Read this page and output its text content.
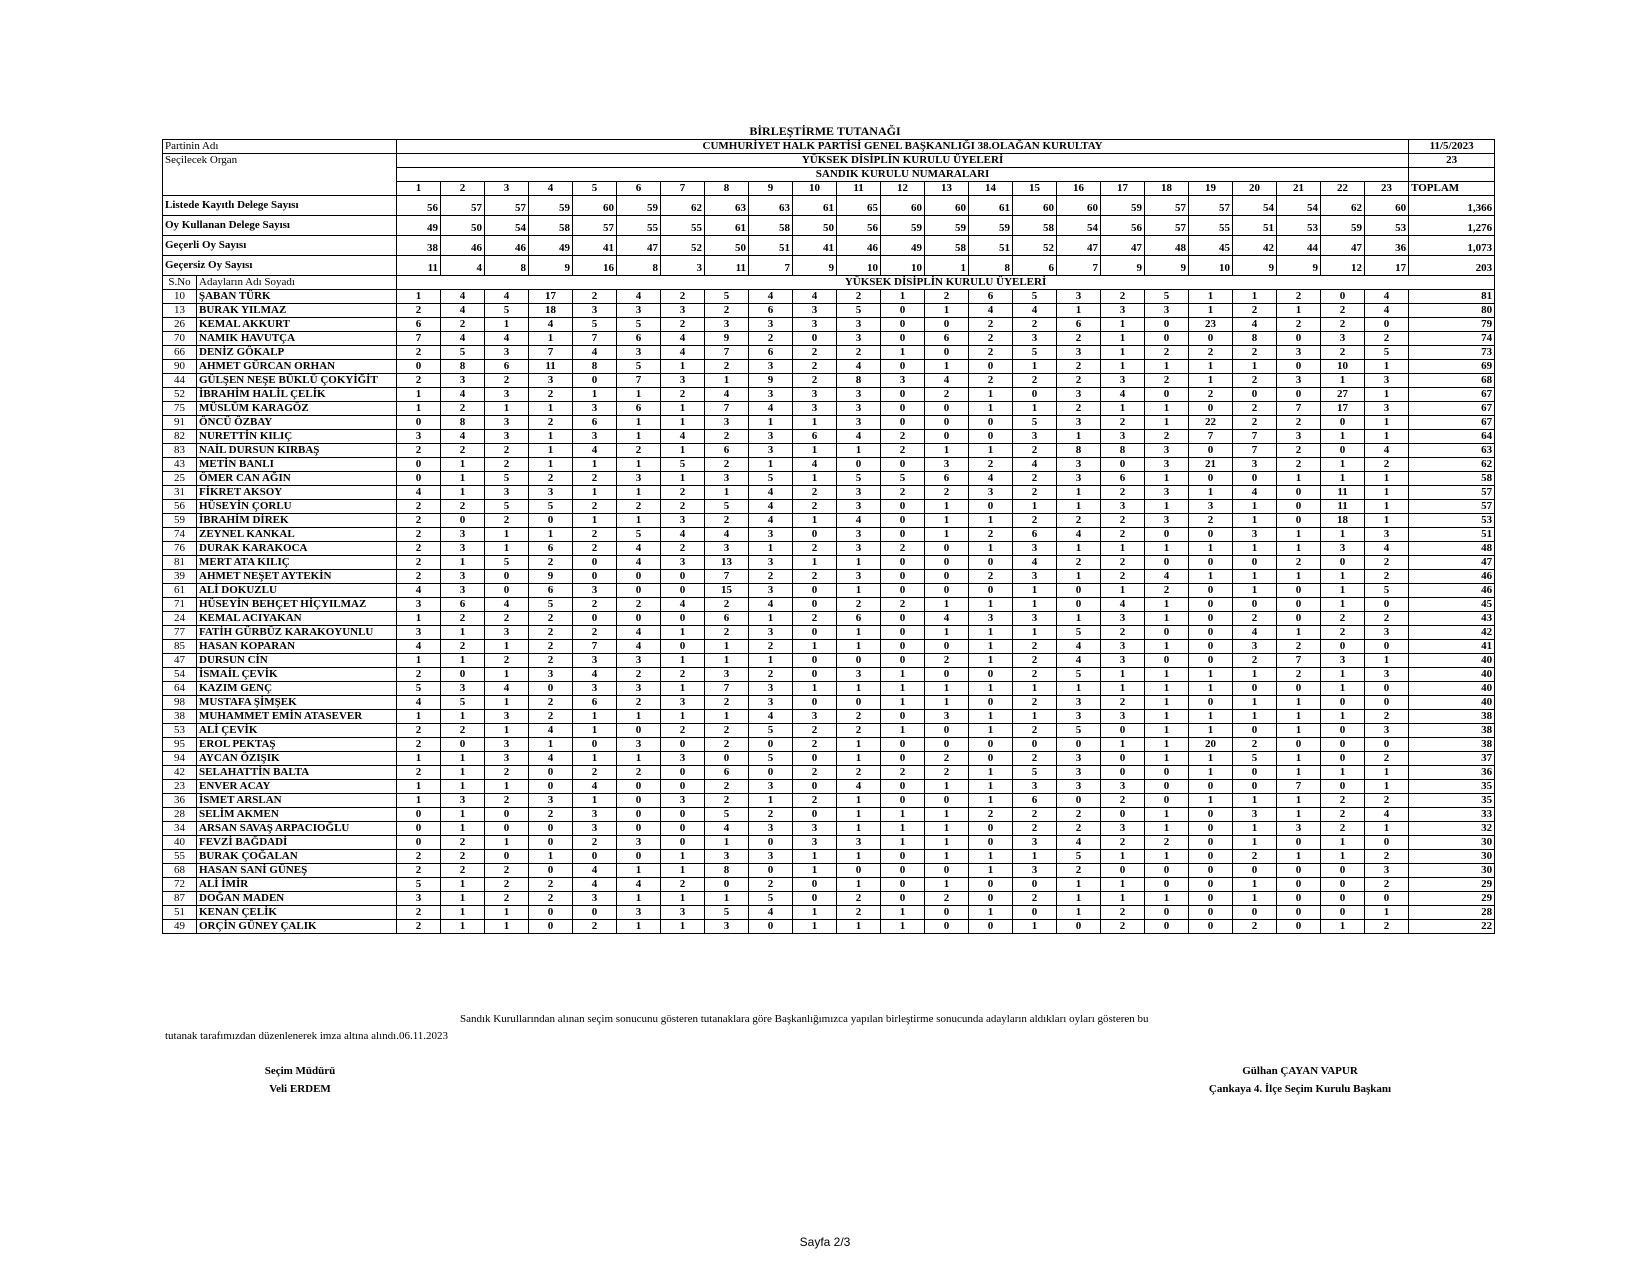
BİRLEŞTİRME TUTANAĞI
Partinin Adı		CUMHURİYET HALK PARTİSİ GENEL BAŞKANLIĞI 38.OLAĞAN KURULTAY																							11/5/2023
Seçilecek Organ		YÜKSEK DİSİPLİN KURULU ÜYELERİ																							23
		SANDIK KURULU NUMARALARI																							
		1	2	3	4	5	6	7	8	9	10	11	12	13	14	15	16	17	18	19	20	21	22	23	TOPLAM
Listede Kayıtlı Delege Sayısı		56	57	57	59	60	59	62	63	63	61	65	60	60	61	60	60	59	57	57	54	54	62	60	1,366
Oy Kullanan Delege Sayısı		49	50	54	58	57	55	55	61	58	50	56	59	59	59	58	54	56	57	55	51	53	59	53	1,276
Geçerli Oy Sayısı		38	46	46	49	41	47	52	50	51	41	46	49	58	51	52	47	47	48	45	42	44	47	36	1,073
Geçersiz Oy Sayısı		11	4	8	9	16	8	3	11	7	9	10	10	1	8	6	7	9	9	10	9	9	12	17	203
S.No	Adayların Adı Soyadı	YÜKSEK DİSİPLİN KURULU ÜYELERİ																							
10	ŞABAN TÜRK	1	4	4	17	2	4	2	5	4	4	2	1	2	6	5	3	2	5	1	1	2	0	4	81
13	BURAK YILMAZ	2	4	5	18	3	3	3	2	6	3	5	0	1	4	4	1	3	3	1	2	1	2	4	80
26	KEMAL AKKURT	6	2	1	4	5	5	2	3	3	3	3	0	0	2	2	6	1	0	23	4	2	2	0	79
70	NAMIK HAVUTÇA	7	4	4	1	7	6	4	9	2	0	3	0	6	2	3	2	1	0	0	8	0	3	2	74
66	DENİZ GÖKALP	2	5	3	7	4	3	4	7	6	2	2	1	0	2	5	3	1	2	2	2	3	2	5	73
90	AHMET GÜRCAN ORHAN	0	8	6	11	8	5	1	2	3	2	4	0	1	0	1	2	1	1	1	1	0	10	1	69
44	GÜLŞEN NEŞE BÜKLÜ ÇOKYİĞİT	2	3	2	3	0	7	3	1	9	2	8	3	4	2	2	2	3	2	1	2	3	1	3	68
52	İBRAHİM HALİL ÇELİK	1	4	3	2	1	1	2	4	3	3	3	0	2	1	0	3	4	0	2	0	0	27	1	67
75	MÜSLÜM KARAGÖZ	1	2	1	1	3	6	1	7	4	3	3	0	0	1	1	2	1	1	0	2	7	17	3	67
91	ÖNCÜ ÖZBAY	0	8	3	2	6	1	1	3	1	1	3	0	0	0	5	3	2	1	22	2	2	0	1	67
82	NURETTİN KILIÇ	3	4	3	1	3	1	4	2	3	6	4	2	0	0	3	1	3	2	7	7	3	1	1	64
83	NAİL DURSUN KIRBAŞ	2	2	2	1	4	2	1	6	3	1	1	2	1	1	2	8	8	3	0	7	2	0	4	63
43	METİN BANLI	0	1	2	1	1	1	5	2	1	4	0	0	3	2	4	3	0	3	21	3	2	1	2	62
25	ÖMER CAN AĞIN	0	1	5	2	2	3	1	3	5	1	5	5	6	4	2	3	6	1	0	0	1	1	1	58
31	FİKRET AKSOY	4	1	3	3	1	1	2	1	4	2	3	2	2	3	2	1	2	3	1	4	0	11	1	57
56	HÜSEYİN ÇORLU	2	2	5	5	2	2	2	5	4	2	3	0	1	0	1	1	3	1	3	1	0	11	1	57
59	İBRAHİM DİREK	2	0	2	0	1	1	3	2	4	1	4	0	1	1	2	2	2	3	2	1	0	18	1	53
74	ZEYNEL KANKAL	2	3	1	1	2	5	4	4	3	0	3	0	1	2	6	4	2	0	0	3	1	1	3	51
76	DURAK KARAKOCA	2	3	1	6	2	4	2	3	1	2	3	2	0	1	3	1	1	1	1	1	1	3	4	48
81	MERT ATA KILIÇ	2	1	5	2	0	4	3	13	3	1	1	0	0	0	4	2	2	0	0	0	2	0	2	47
39	AHMET NEŞET AYTEKİN	2	3	0	9	0	0	0	7	2	2	3	0	0	2	3	1	2	4	1	1	1	1	2	46
61	ALİ DOKUZLU	4	3	0	6	3	0	0	15	3	0	1	0	0	0	1	0	1	2	0	1	0	1	5	46
71	HÜSEYİN BEHÇET HİÇYILMAZ	3	6	4	5	2	2	4	2	4	0	2	2	1	1	1	0	4	1	0	0	0	1	0	45
24	KEMAL ACIYAKAN	1	2	2	2	0	0	0	6	1	2	6	0	4	3	3	1	3	1	0	2	0	2	2	43
77	FATİH GÜRBÜZ KARAKOYUNLU	3	1	3	2	2	4	1	2	3	0	1	0	1	1	1	5	2	0	0	4	1	2	3	42
85	HASAN KOPARAN	4	2	1	2	7	4	0	1	2	1	1	0	0	1	2	4	3	1	0	3	2	0	0	41
47	DURSUN CİN	1	1	2	2	3	3	1	1	1	0	0	0	2	1	2	4	3	0	0	2	7	3	1	40
54	İSMAİL ÇEVİK	2	0	1	3	4	2	2	3	2	0	3	1	0	0	2	5	1	1	1	1	2	1	3	40
64	KAZIM GENÇ	5	3	4	0	3	3	1	7	3	1	1	1	1	1	1	1	1	1	1	0	0	1	0	40
98	MUSTAFA ŞİMŞEK	4	5	1	2	6	2	3	2	3	0	0	1	1	0	2	3	2	1	0	1	1	0	0	40
38	MUHAMMET EMİN ATASEVER	1	1	3	2	1	1	1	1	4	3	2	0	3	1	1	3	3	1	1	1	1	1	2	38
53	ALİ ÇEVİK	2	2	1	4	1	0	2	2	5	2	2	1	0	1	2	5	0	1	1	0	1	0	3	38
95	EROL PEKTAŞ	2	0	3	1	0	3	0	2	0	2	1	0	0	0	0	0	1	1	20	2	0	0	0	38
94	AYCAN ÖZIŞIK	1	1	3	4	1	1	3	0	5	0	1	0	2	0	2	3	0	1	1	5	1	0	2	37
42	SELAHATTİN BALTA	2	1	2	0	2	2	0	6	0	2	2	2	2	1	5	3	0	0	1	0	1	1	1	36
23	ENVER ACAY	1	1	1	0	4	0	0	2	3	0	4	0	1	1	3	3	3	0	0	0	7	0	1	35
36	İSMET ARSLAN	1	3	2	3	1	0	3	2	1	2	1	0	0	1	6	0	2	0	1	1	1	2	2	35
28	SELİM AKMEN	0	1	0	2	3	0	0	5	2	0	1	1	1	2	2	2	0	1	0	3	1	2	4	33
34	ARSAN SAVAŞ ARPACIOĞLU	0	1	0	0	3	0	0	4	3	3	1	1	1	0	2	2	3	1	0	1	3	2	1	32
40	FEVZİ BAĞDADİ	0	2	1	0	2	3	0	1	0	3	3	1	1	0	3	4	2	2	0	1	0	1	0	30
55	BURAK ÇOĞALAN	2	2	0	1	0	0	1	3	3	1	1	0	1	1	1	5	1	1	0	2	1	1	2	30
68	HASAN SANİ GÜNEŞ	2	2	2	0	4	1	1	8	0	1	0	0	0	1	3	2	0	0	0	0	0	0	3	30
72	ALİ İMİR	5	1	2	2	4	4	2	0	2	0	1	0	1	0	0	1	1	0	0	1	0	0	2	29
87	DOĞAN MADEN	3	1	2	2	3	1	1	1	5	0	2	0	2	0	2	1	1	1	0	1	0	0	0	29
51	KENAN ÇELİK	2	1	1	0	0	3	3	5	4	1	2	1	0	1	0	1	2	0	0	0	0	0	1	28
49	ORÇİN GÜNEY ÇALIK	2	1	1	0	2	1	1	3	0	1	1	1	0	0	1	0	2	0	0	2	0	1	2	22
Sandık Kurullarından alınan seçim sonucunu gösteren tutanaklara göre Başkanlığımızca yapılan birleştirme sonucunda adayların aldıkları oyları gösteren bu
tutanak tarafımızdan düzenlenerek imza altına alındı.06.11.2023
Seçim Müdürü
Veli ERDEM
Gülhan ÇAYAN VAPUR
Çankaya 4. İlçe Seçim Kurulu Başkanı
Sayfa 2/3
